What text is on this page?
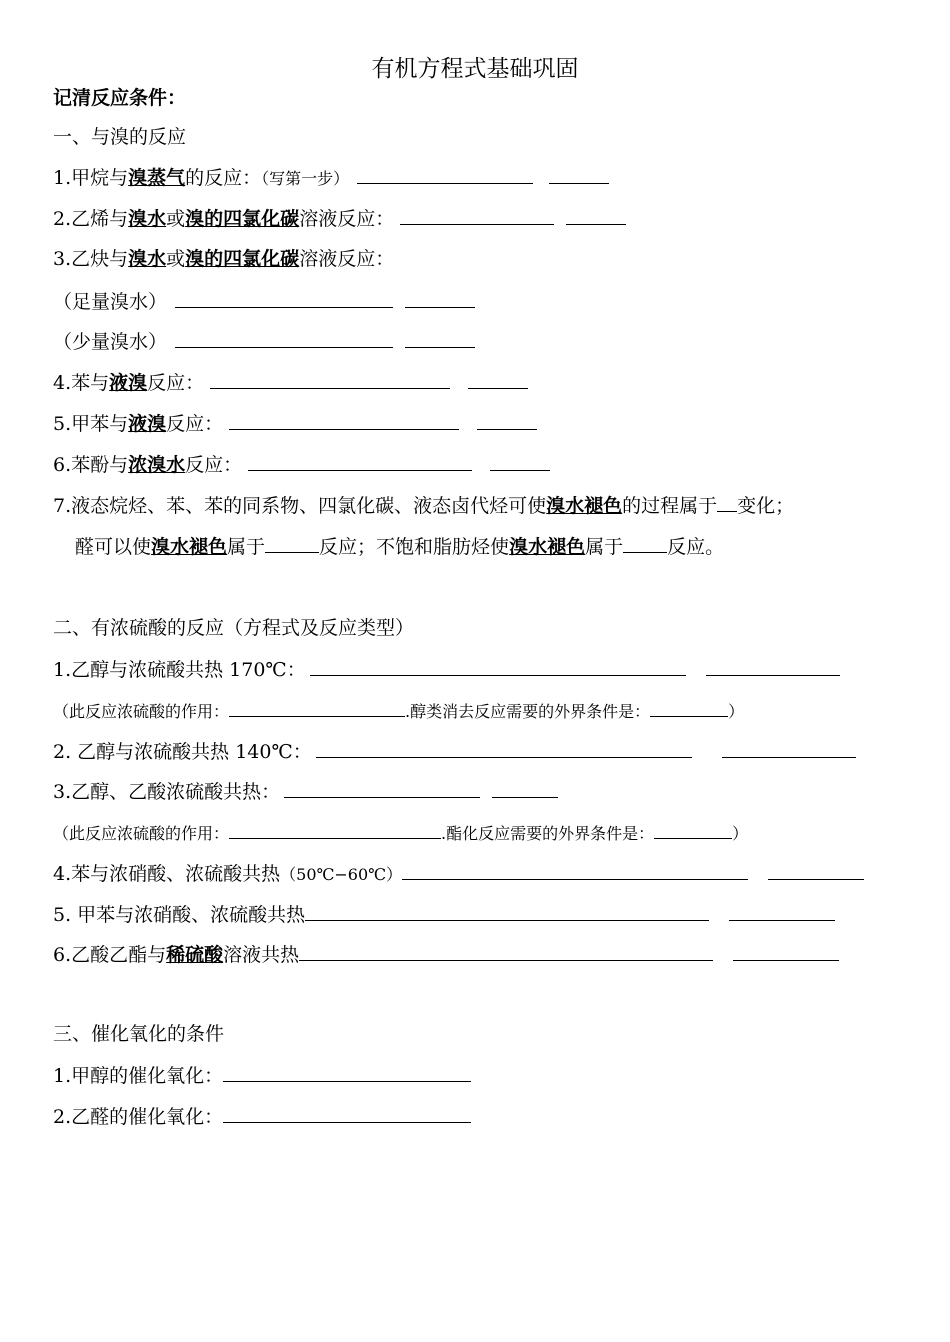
有机方程式基础巩固
记清反应条件：
一、与溴的反应
1.甲烷与溴蒸气的反应：（写第一步）
2.乙烯与溴水或溴的四氯化碳溶液反应：
3.乙炔与溴水或溴的四氯化碳溶液反应：
（足量溴水）
（少量溴水）
4.苯与液溴反应：
5.甲苯与液溴反应：
6.苯酚与浓溴水反应：
7.液态烷烃、苯、苯的同系物、四氯化碳、液态卤代烃可使溴水褪色的过程属于 变化；
醛可以使溴水褪色属于	反应；不饱和脂肪烃使溴水褪色属于 反应。
二、有浓硫酸的反应（方程式及反应类型）
1.乙醇与浓硫酸共热 170℃：
（此反应浓硫酸的作用：	.醇类消去反应需要的外界条件是：	）
2. 乙醇与浓硫酸共热 140℃：
3.乙醇、乙酸浓硫酸共热：
（此反应浓硫酸的作用：	.酯化反应需要的外界条件是：	）
4.苯与浓硝酸、浓硫酸共热（50℃−60℃）
5. 甲苯与浓硝酸、浓硫酸共热
6.乙酸乙酯与稀硫酸溶液共热
三、催化氧化的条件
1.甲醇的催化氧化：
2.乙醛的催化氧化：
